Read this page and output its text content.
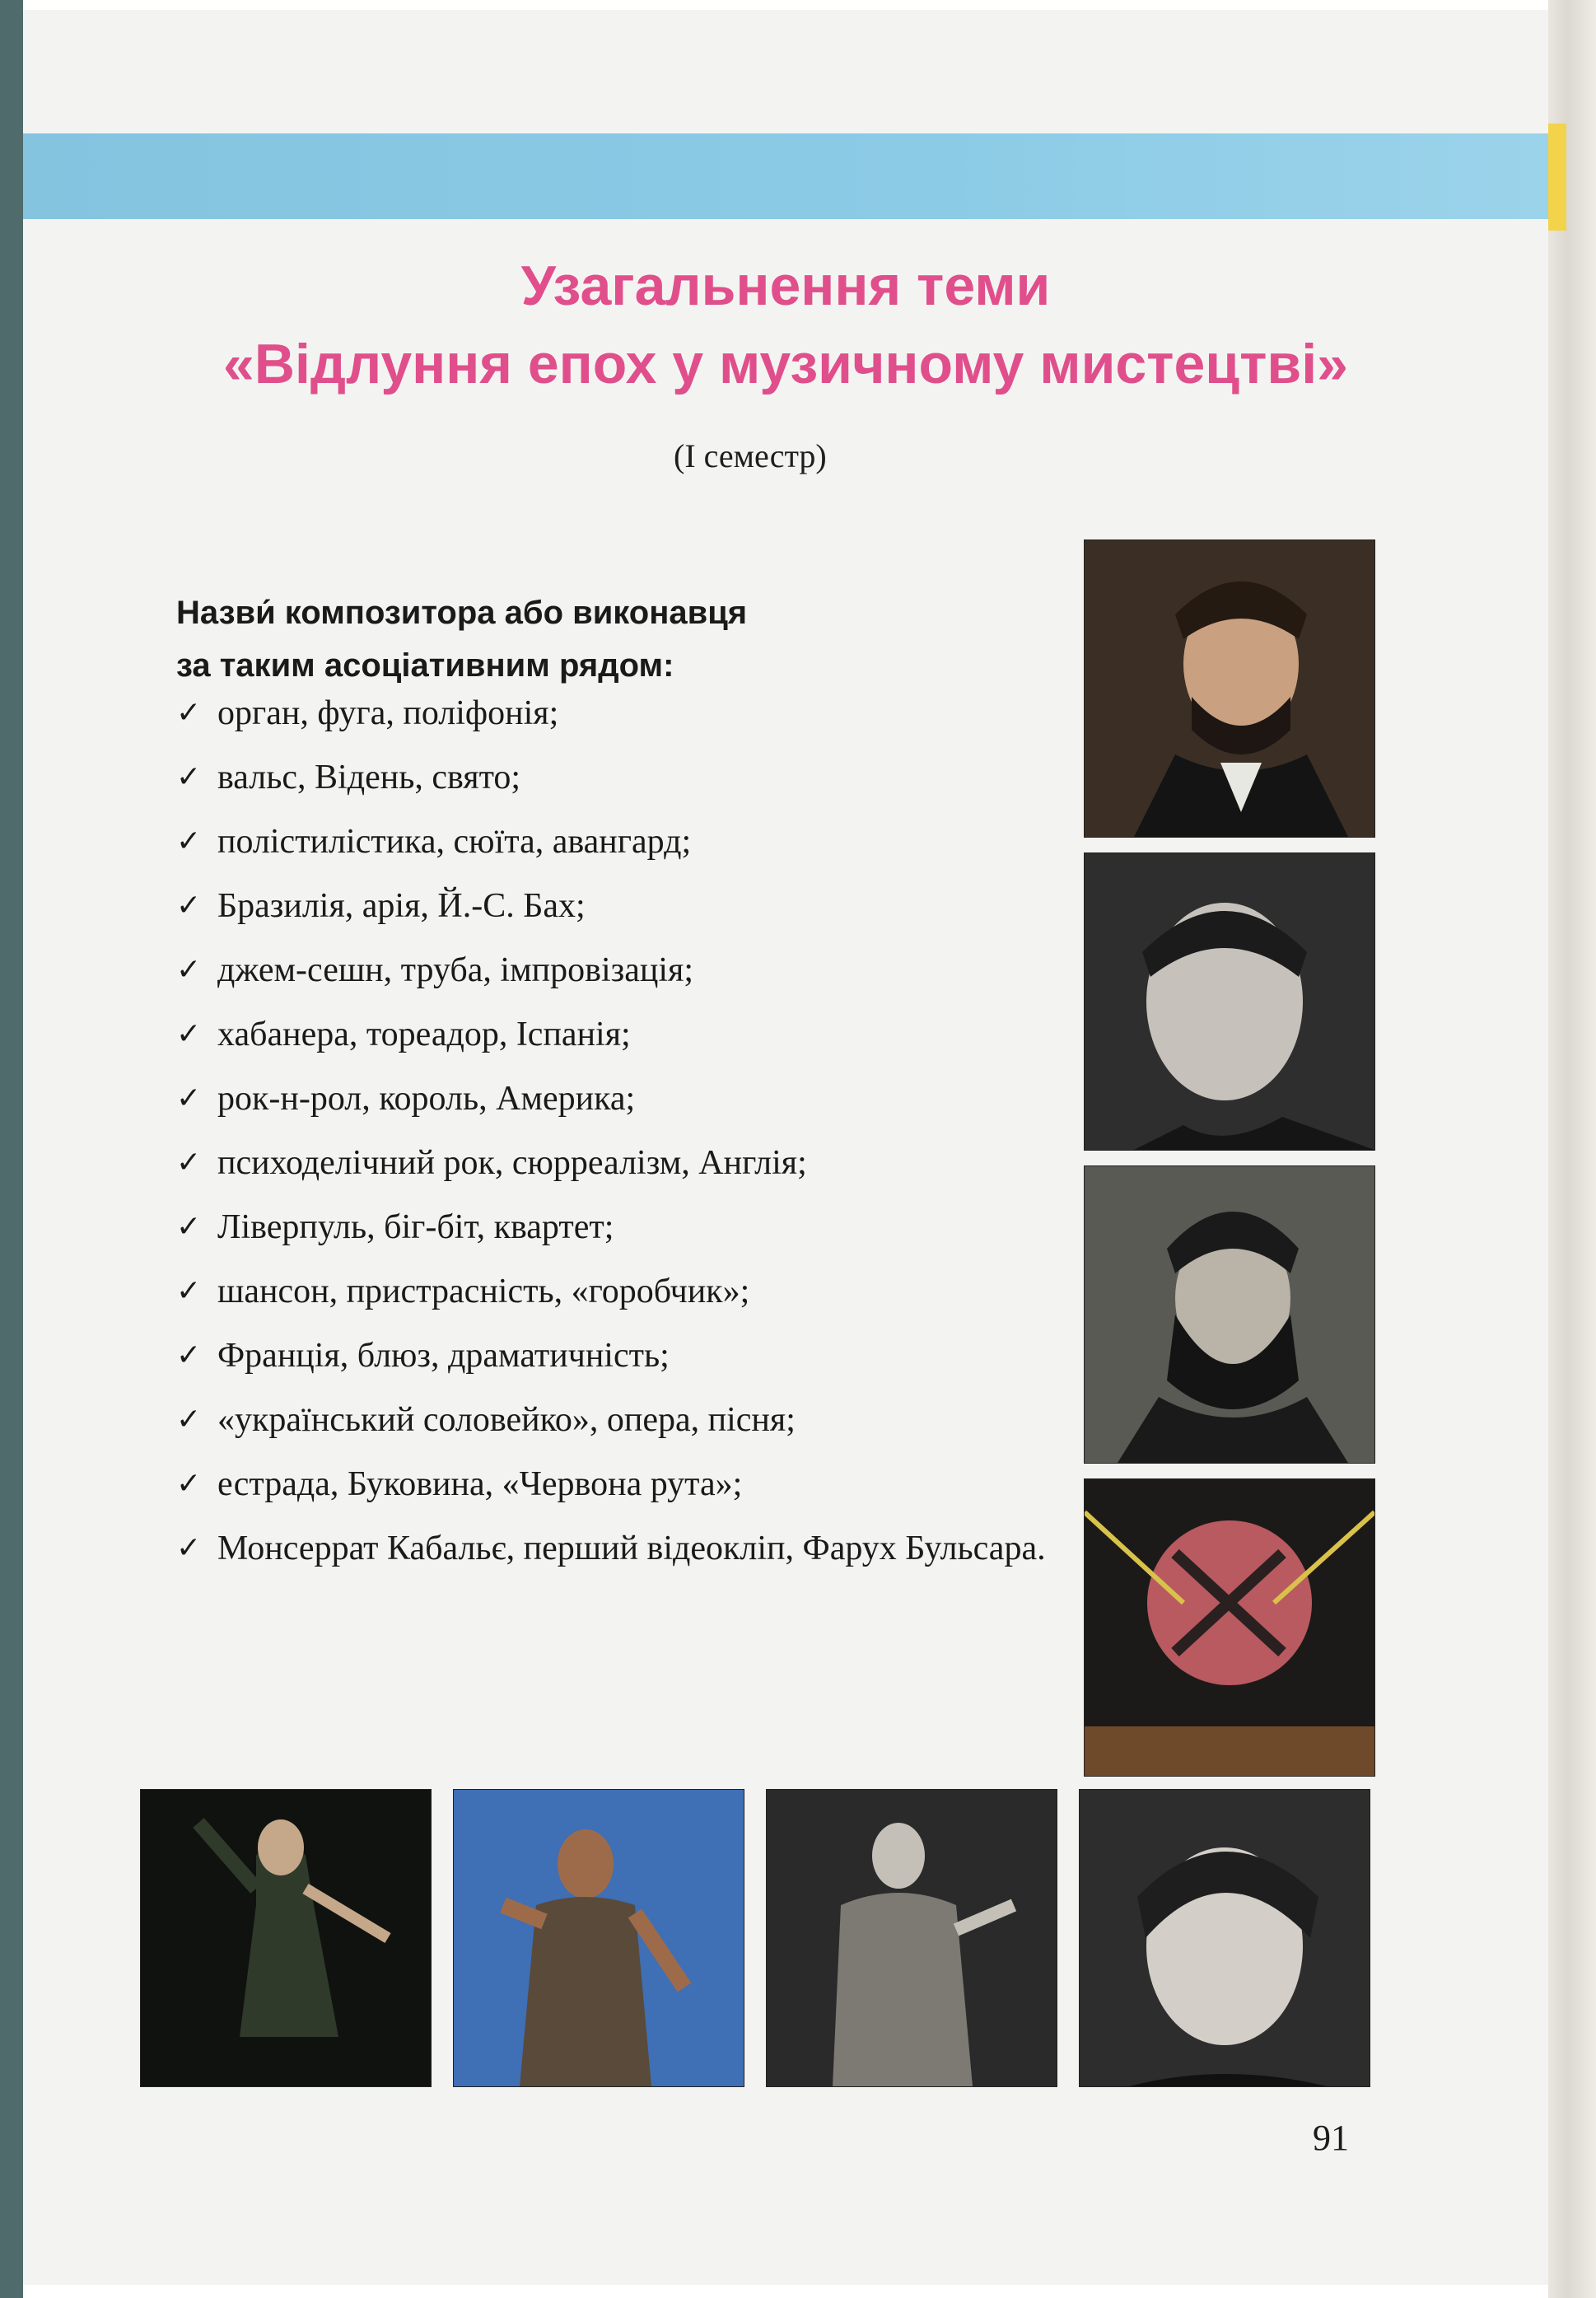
Узагальнення теми
«Відлуння епох у музичному мистецтві»
(І семестр)
Назви́ композитора або виконавця
за таким асоціативним рядом:
✓ орган, фуга, поліфонія;
✓ вальс, Відень, свято;
✓ полістилістика, сюїта, авангард;
✓ Бразилія, арія, Й.-С. Бах;
✓ джем-сешн, труба, імпровізація;
✓ хабанера, тореадор, Іспанія;
✓ рок-н-рол, король, Америка;
✓ психоделічний рок, сюрреалізм, Англія;
✓ Ліверпуль, біг-біт, квартет;
✓ шансон, пристрасність, «горобчик»;
✓ Франція, блюз, драматичність;
✓ «український соловейко», опера, пісня;
✓ естрада, Буковина, «Червона рута»;
✓ Монсеррат Кабальє, перший відеокліп, Фарух Бульсара.
91
